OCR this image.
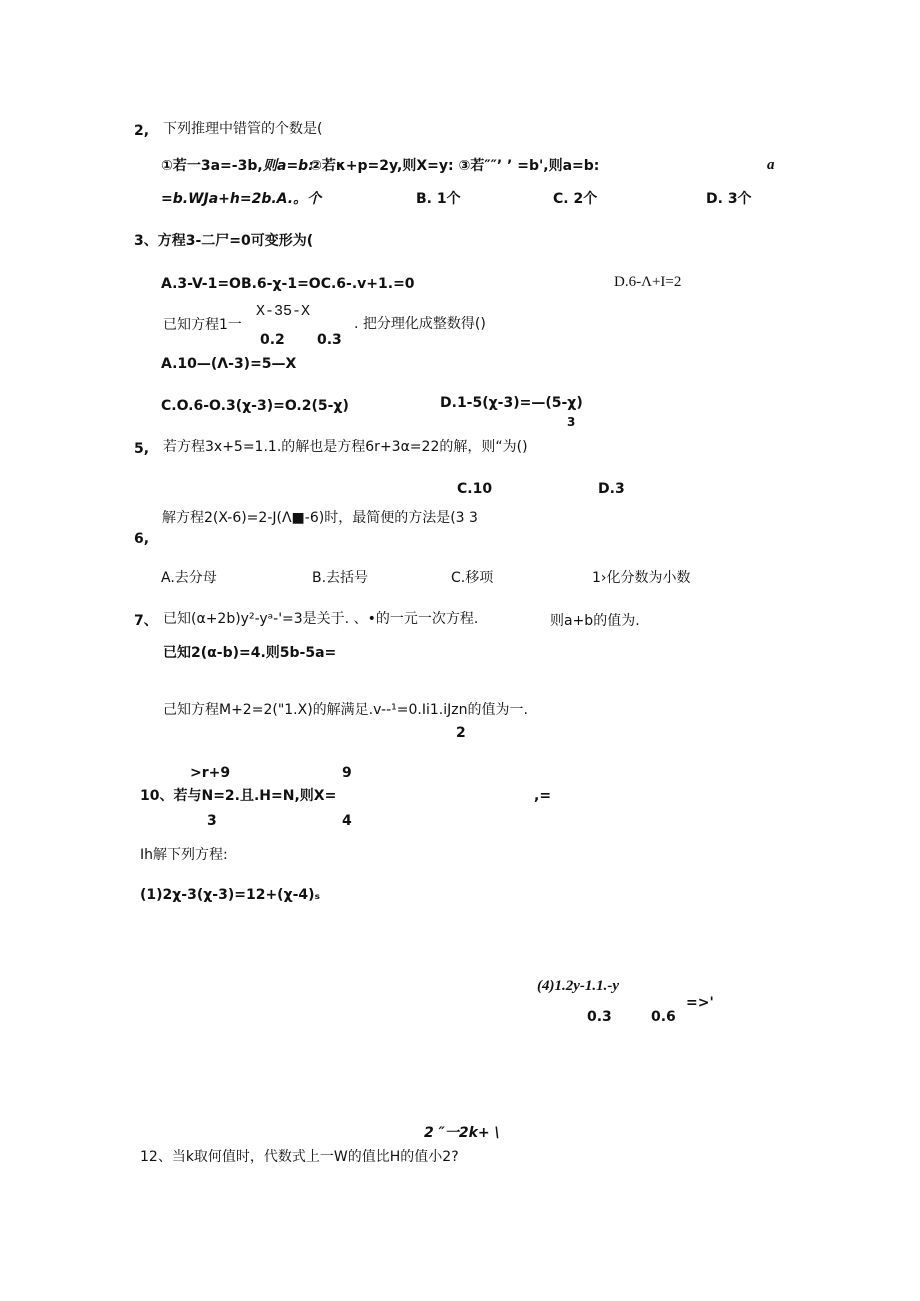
2, 下列推理中错管的个数是(
①若一3a=-3b, 则a=b:
②若κ+p=2y,则X=y: ③若″″’ ’ =b',则a=b:	a
=b.WJa+h=2b.A.。个	B. 1个	C. 2个	D. 3个
3、方程3-二尸=0可变形为(
A.3-V-1=OB.6-χ-1=OC.6-.v+1.=0	D.6-Λ+I=2
X-35-X
已知方程1一	. 把分理化成整数得()
0.2 0.3
A.10—(Λ-3)=5—X
C.O.6-O.3(χ-3)=O.2(5-χ)	D.1-5(χ-3)=—(5-χ)
3
5, 若方程3x+5=1.1.的解也是方程6r+3α=22的解，则“为()
C.10	D.3
解方程2(X-6)=2-J(Λ■-6)时，最简便的方法是(3 3
6,
A.去分母	B.去括号	C.移项	1›化分数为小数
7、 已知(α+2b)y²-yᵃ-'=3是关于. 、•的一元一次方程.	则a+b的值为.
已知2(α-b)=4.则5b-5a=
己知方程M+2=2("1.X)的解满足.v--¹=0.Ii1.iJzn的值为一.
2
>r+9	9
10、若与N=2.且.H=N,则X=	,=
3	4
Ih解下列方程:
(1)2χ-3(χ-3)=12+(χ-4)ₛ
(4)1.2y-1.1.-y
0.3	0.6
=>'
2 ″一2k+ \
12、当k取何值时，代数式上一W的值比H的值小2?
